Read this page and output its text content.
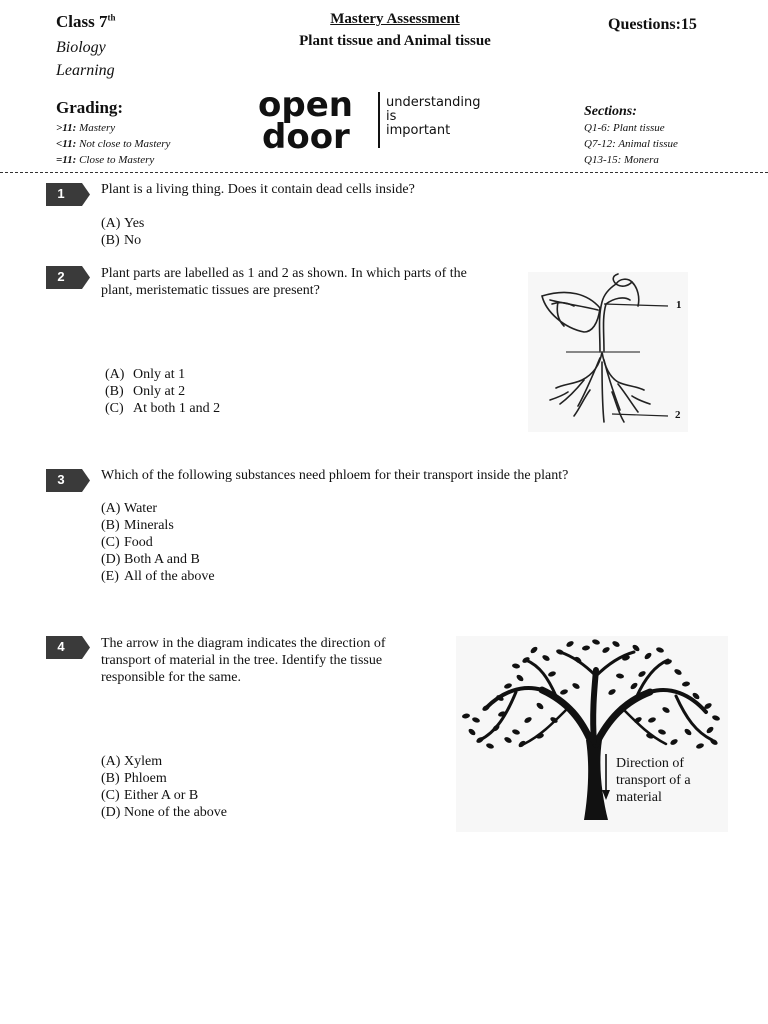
Class 7th
Biology
Learning
Mastery Assessment
Plant tissue and Animal tissue
Questions:15
Grading:
>11: Mastery
<11: Not close to Mastery
=11: Close to Mastery
open
door
understanding
is
important
Sections:
Q1-6: Plant tissue
Q7-12: Animal tissue
Q13-15: Monera
1	Plant is a living thing. Does it contain dead cells inside?
(A) Yes
(B) No
2	Plant parts are labelled as 1 and 2 as shown. In which parts of the
plant, meristematic tissues are present?
(A) Only at 1
(B) Only at 2
(C) At both 1 and 2
1
2
3	Which of the following substances need phloem for their transport inside the plant?
(A) Water
(B) Minerals
(C) Food
(D) Both A and B
(E) All of the above
4	The arrow in the diagram indicates the direction of
transport of material in the tree. Identify the tissue
responsible for the same.
(A) Xylem
(B) Phloem
(C) Either A or B
(D) None of the above
Direction of
transport of a
material
